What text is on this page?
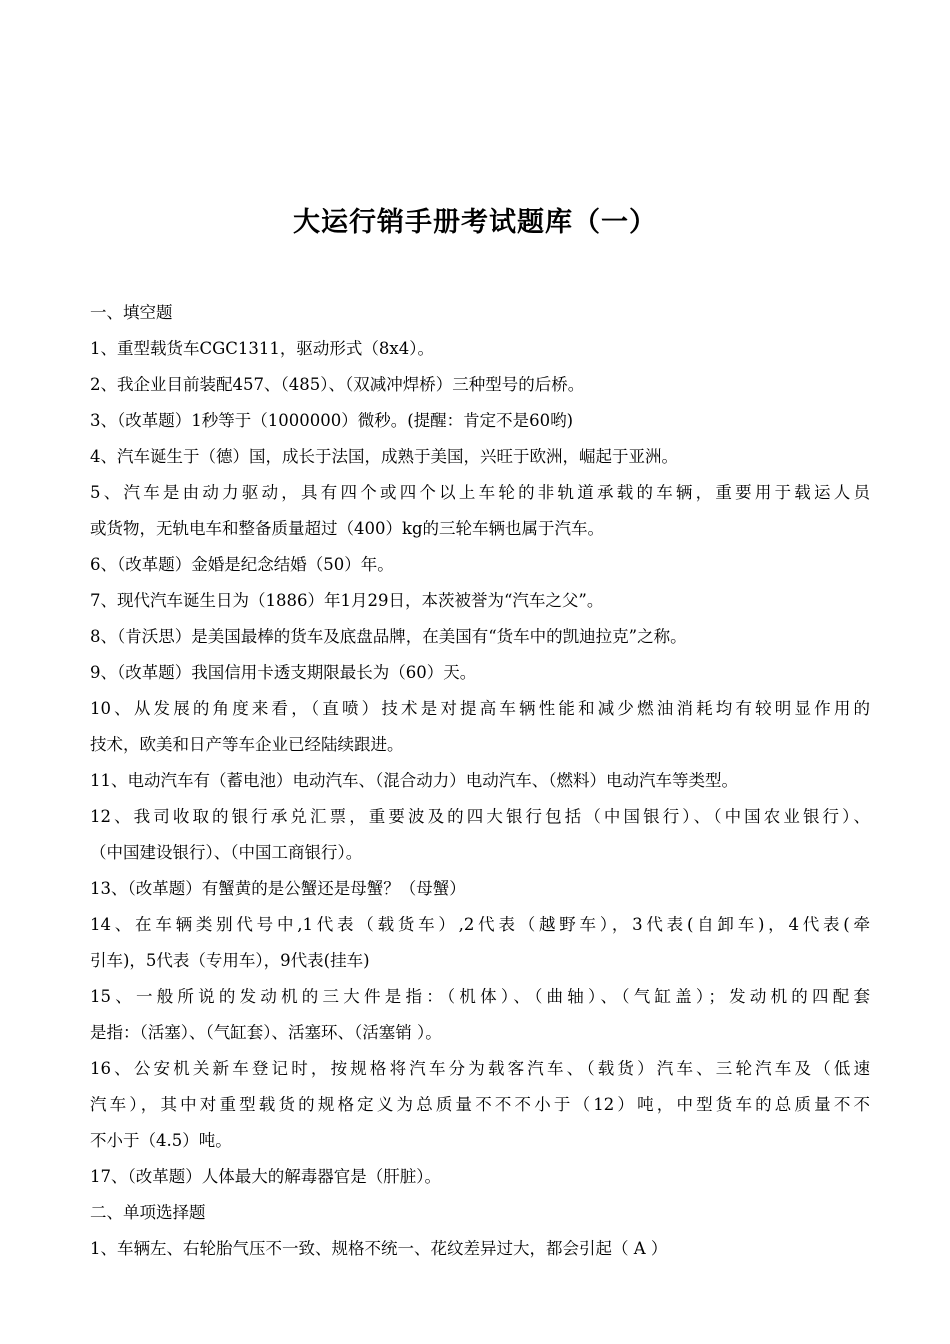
大运行销手册考试题库（一）

一、填空题

1、重型载货车CGC1311，驱动形式（8x4）。

2、我企业目前装配457、（485）、（双减冲焊桥）三种型号的后桥。

3、（改革题）1秒等于（1000000）微秒。(提醒：肯定不是60哟)

4、汽车诞生于（德）国，成长于法国，成熟于美国，兴旺于欧洲，崛起于亚洲。

5、汽车是由动力驱动，具有四个或四个以上车轮的非轨道承载的车辆，重要用于载运人员

或货物，无轨电车和整备质量超过（400）kg的三轮车辆也属于汽车。

6、（改革题）金婚是纪念结婚（50）年。

7、现代汽车诞生日为（1886）年1月29日，本茨被誉为“汽车之父”。

8、（肯沃思）是美国最棒的货车及底盘品牌，在美国有“货车中的凯迪拉克”之称。

9、（改革题）我国信用卡透支期限最长为（60）天。

10、从发展的角度来看，（直喷）技术是对提高车辆性能和减少燃油消耗均有较明显作用的

技术，欧美和日产等车企业已经陆续跟进。

11、电动汽车有（蓄电池）电动汽车、（混合动力）电动汽车、（燃料）电动汽车等类型。

12、我司收取的银行承兑汇票，重要波及的四大银行包括（中国银行）、（中国农业银行）、

（中国建设银行）、（中国工商银行）。

13、（改革题）有蟹黄的是公蟹还是母蟹？（母蟹）

14、在车辆类别代号中,1代表（载货车）,2代表（越野车），3代表(自卸车)，4代表(牵

引车)，5代表（专用车），9代表(挂车)

15、一般所说的发动机的三大件是指：（机体）、（曲轴）、（气缸盖）；发动机的四配套

是指：（活塞）、（气缸套）、活塞环、（活塞销 ）。

16、公安机关新车登记时，按规格将汽车分为载客汽车、（载货）汽车、三轮汽车及（低速

汽车），其中对重型载货的规格定义为总质量不不不小于（12）吨，中型货车的总质量不不

不小于（4.5）吨。

17、（改革题）人体最大的解毒器官是（肝脏）。

二、单项选择题

1、车辆左、右轮胎气压不一致、规格不统一、花纹差异过大，都会引起（ A ）
